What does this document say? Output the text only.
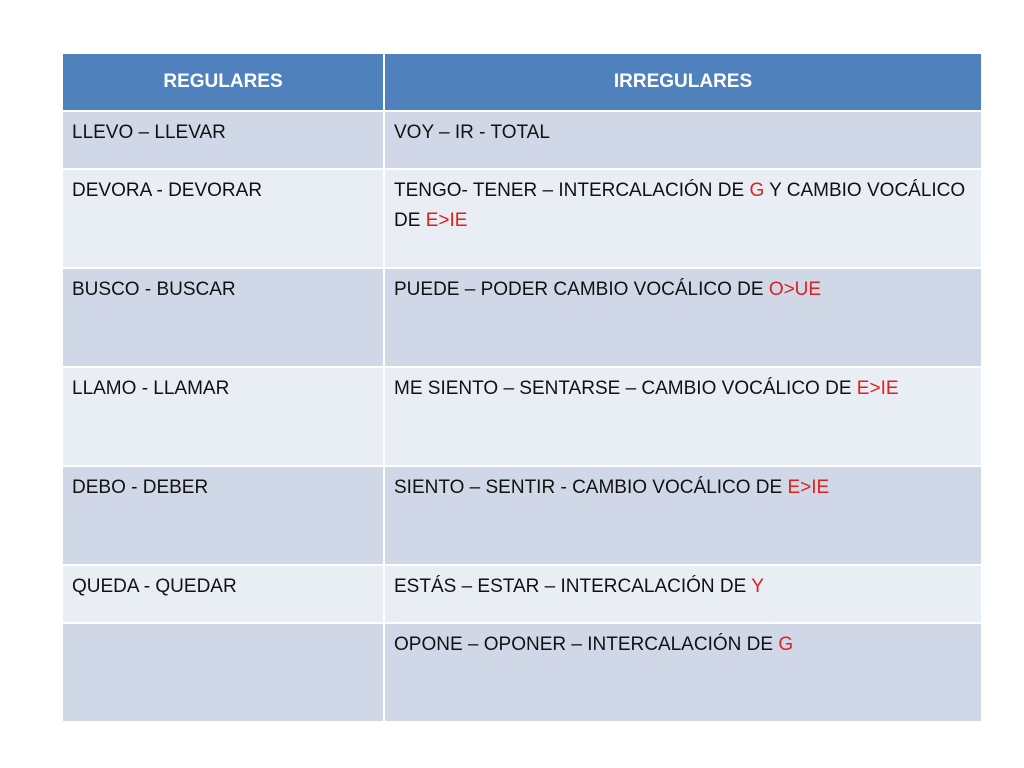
REGULARES	IRREGULARES
LLEVO – LLEVAR	VOY – IR - TOTAL
DEVORA - DEVORAR	TENGO- TENER – INTERCALACIÓN DE G Y CAMBIO VOCÁLICO DE E>IE
BUSCO - BUSCAR	PUEDE – PODER CAMBIO VOCÁLICO DE O>UE
LLAMO - LLAMAR	ME SIENTO – SENTARSE – CAMBIO VOCÁLICO DE E>IE
DEBO - DEBER	SIENTO – SENTIR - CAMBIO VOCÁLICO DE E>IE
QUEDA - QUEDAR	ESTÁS – ESTAR – INTERCALACIÓN DE Y
	OPONE – OPONER – INTERCALACIÓN DE G
